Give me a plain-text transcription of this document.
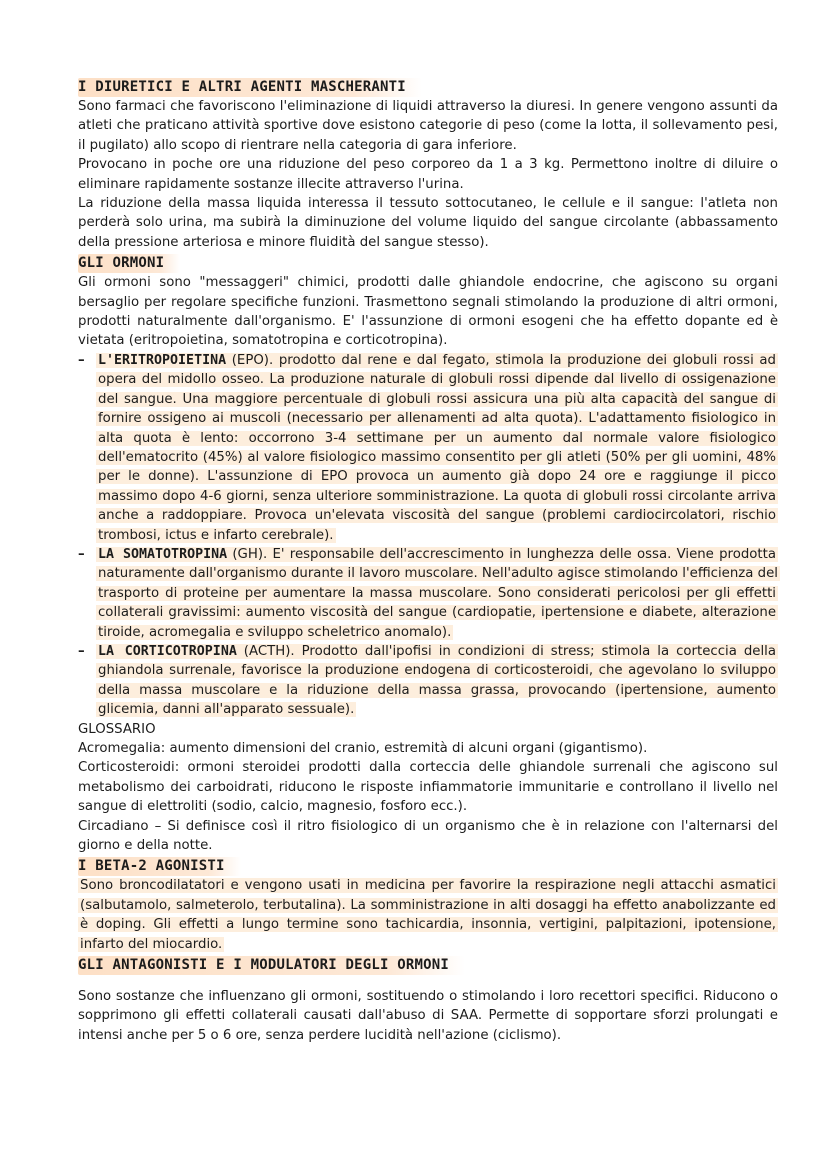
I DIURETICI E ALTRI AGENTI MASCHERANTI

Sono farmaci che favoriscono l'eliminazione di liquidi attraverso la diuresi. In genere vengono assunti da atleti che praticano attività sportive dove esistono categorie di peso (come la lotta, il sollevamento pesi, il pugilato) allo scopo di rientrare nella categoria di gara inferiore.

Provocano in poche ore una riduzione del peso corporeo da 1 a 3 kg. Permettono inoltre di diluire o eliminare rapidamente sostanze illecite attraverso l'urina.

La riduzione della massa liquida interessa il tessuto sottocutaneo, le cellule e il sangue: l'atleta non perderà solo urina, ma subirà la diminuzione del volume liquido del sangue circolante (abbassamento della pressione arteriosa e minore fluidità del sangue stesso).

GLI ORMONI

Gli ormoni sono "messaggeri" chimici, prodotti dalle ghiandole endocrine, che agiscono su organi bersaglio per regolare specifiche funzioni. Trasmettono segnali stimolando la produzione di altri ormoni, prodotti naturalmente dall'organismo. E' l'assunzione di ormoni esogeni che ha effetto dopante ed è vietata (eritropoietina, somatotropina e corticotropina).

– L'ERITROPOIETINA (EPO). prodotto dal rene e dal fegato, stimola la produzione dei globuli rossi ad opera del midollo osseo. La produzione naturale di globuli rossi dipende dal livello di ossigenazione del sangue. Una maggiore percentuale di globuli rossi assicura una più alta capacità del sangue di fornire ossigeno ai muscoli (necessario per allenamenti ad alta quota). L'adattamento fisiologico in alta quota è lento: occorrono 3-4 settimane per un aumento dal normale valore fisiologico dell'ematocrito (45%) al valore fisiologico massimo consentito per gli atleti (50% per gli uomini, 48% per le donne). L'assunzione di EPO provoca un aumento già dopo 24 ore e raggiunge il picco massimo dopo 4-6 giorni, senza ulteriore somministrazione. La quota di globuli rossi circolante arriva anche a raddoppiare. Provoca un'elevata viscosità del sangue (problemi cardiocircolatori, rischio trombosi, ictus e infarto cerebrale).
– LA SOMATOTROPINA (GH). E' responsabile dell'accrescimento in lunghezza delle ossa. Viene prodotta naturamente dall'organismo durante il lavoro muscolare. Nell'adulto agisce stimolando l'efficienza del trasporto di proteine per aumentare la massa muscolare. Sono considerati pericolosi per gli effetti collaterali gravissimi: aumento viscosità del sangue (cardiopatie, ipertensione e diabete, alterazione tiroide, acromegalia e sviluppo scheletrico anomalo).
– LA CORTICOTROPINA (ACTH). Prodotto dall'ipofisi in condizioni di stress; stimola la corteccia della ghiandola surrenale, favorisce la produzione endogena di corticosteroidi, che agevolano lo sviluppo della massa muscolare e la riduzione della massa grassa, provocando (ipertensione, aumento glicemia, danni all'apparato sessuale).

GLOSSARIO

Acromegalia: aumento dimensioni del cranio, estremità di alcuni organi (gigantismo).

Corticosteroidi: ormoni steroidei prodotti dalla corteccia delle ghiandole surrenali che agiscono sul metabolismo dei carboidrati, riducono le risposte infiammatorie immunitarie e controllano il livello nel sangue di elettroliti (sodio, calcio, magnesio, fosforo ecc.).

Circadiano – Si definisce così il ritro fisiologico di un organismo che è in relazione con l'alternarsi del giorno e della notte.

I BETA-2 AGONISTI

Sono broncodilatatori e vengono usati in medicina per favorire la respirazione negli attacchi asmatici (salbutamolo, salmeterolo, terbutalina). La somministrazione in alti dosaggi ha effetto anabolizzante ed è doping. Gli effetti a lungo termine sono tachicardia, insonnia, vertigini, palpitazioni, ipotensione, infarto del miocardio.

GLI ANTAGONISTI E I MODULATORI DEGLI ORMONI

Sono sostanze che influenzano gli ormoni, sostituendo o stimolando i loro recettori specifici. Riducono o sopprimono gli effetti collaterali causati dall'abuso di SAA. Permette di sopportare sforzi prolungati e intensi anche per 5 o 6 ore, senza perdere lucidità nell'azione (ciclismo).
